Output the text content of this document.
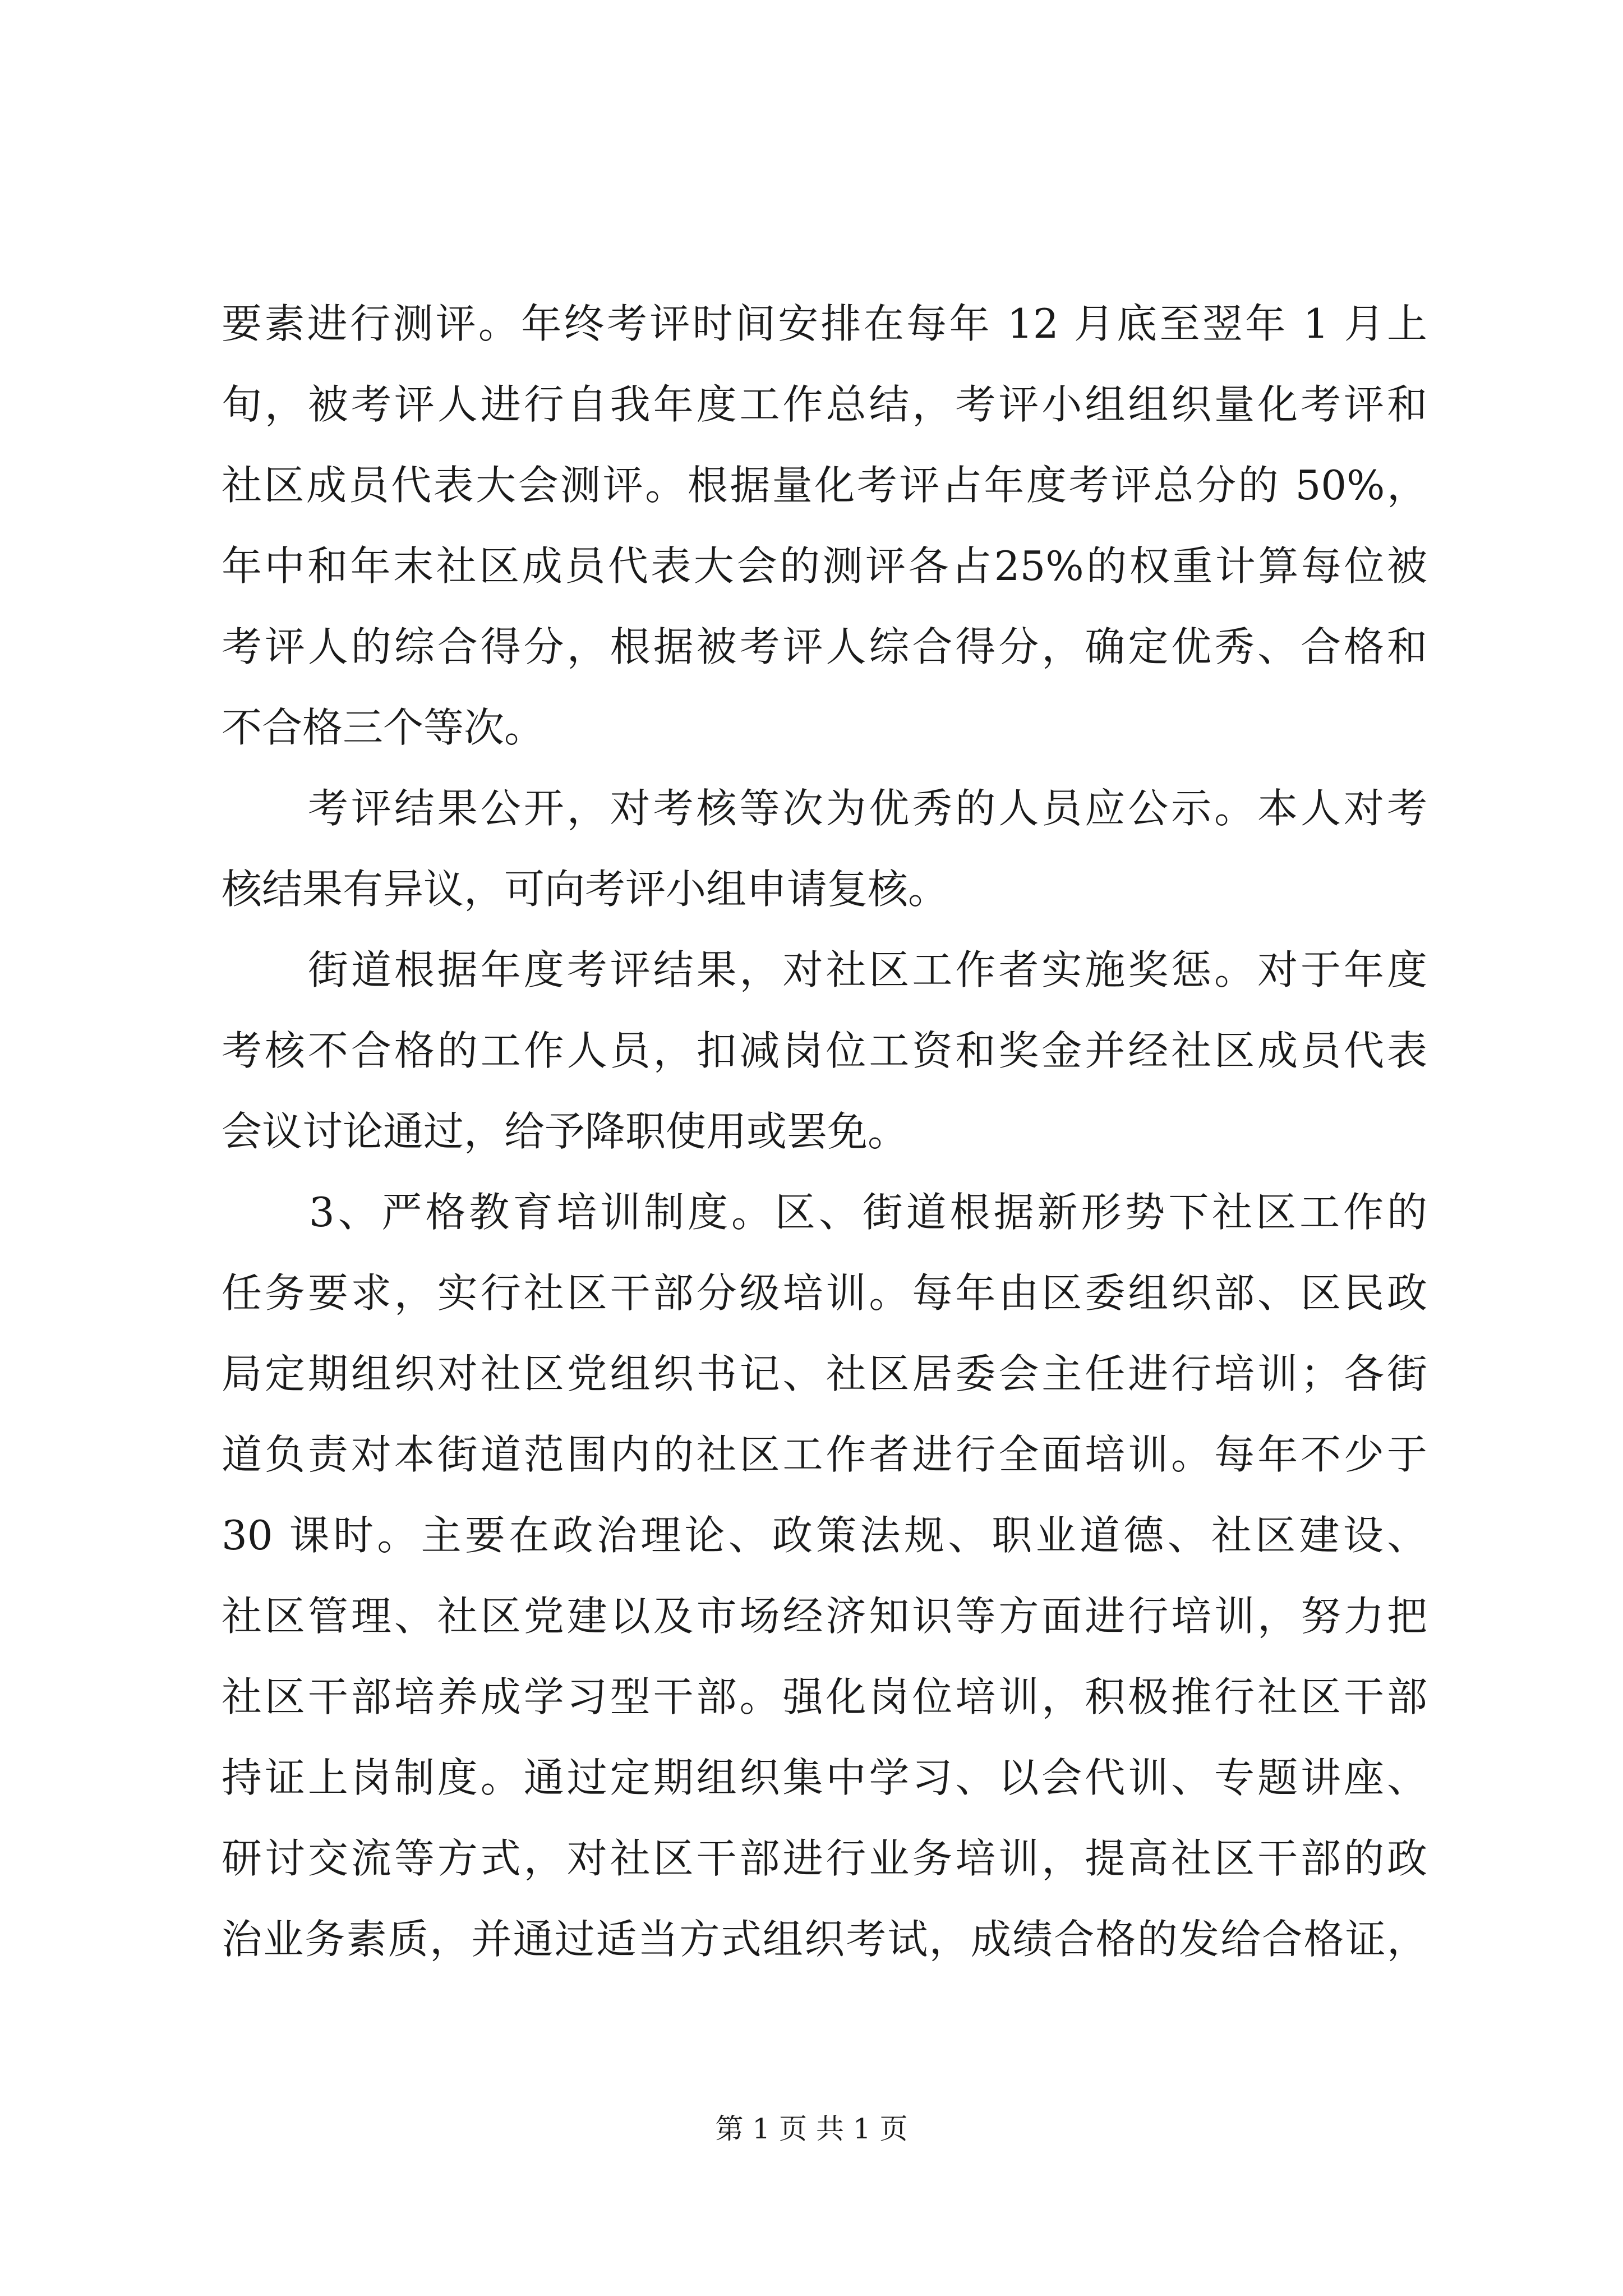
要素进行测评。年终考评时间安排在每年 12 月底至翌年 1 月上
旬，被考评人进行自我年度工作总结，考评小组组织量化考评和
社区成员代表大会测评。根据量化考评占年度考评总分的 50%，
年中和年末社区成员代表大会的测评各占25%的权重计算每位被
考评人的综合得分，根据被考评人综合得分，确定优秀、合格和
不合格三个等次。
　　考评结果公开，对考核等次为优秀的人员应公示。本人对考
核结果有异议，可向考评小组申请复核。
　　街道根据年度考评结果，对社区工作者实施奖惩。对于年度
考核不合格的工作人员，扣减岗位工资和奖金并经社区成员代表
会议讨论通过，给予降职使用或罢免。
　　3、严格教育培训制度。区、街道根据新形势下社区工作的
任务要求，实行社区干部分级培训。每年由区委组织部、区民政
局定期组织对社区党组织书记、社区居委会主任进行培训；各街
道负责对本街道范围内的社区工作者进行全面培训。每年不少于
30 课时。主要在政治理论、政策法规、职业道德、社区建设、
社区管理、社区党建以及市场经济知识等方面进行培训，努力把
社区干部培养成学习型干部。强化岗位培训，积极推行社区干部
持证上岗制度。通过定期组织集中学习、以会代训、专题讲座、
研讨交流等方式，对社区干部进行业务培训，提高社区干部的政
治业务素质，并通过适当方式组织考试，成绩合格的发给合格证，
第 1 页 共 1 页
